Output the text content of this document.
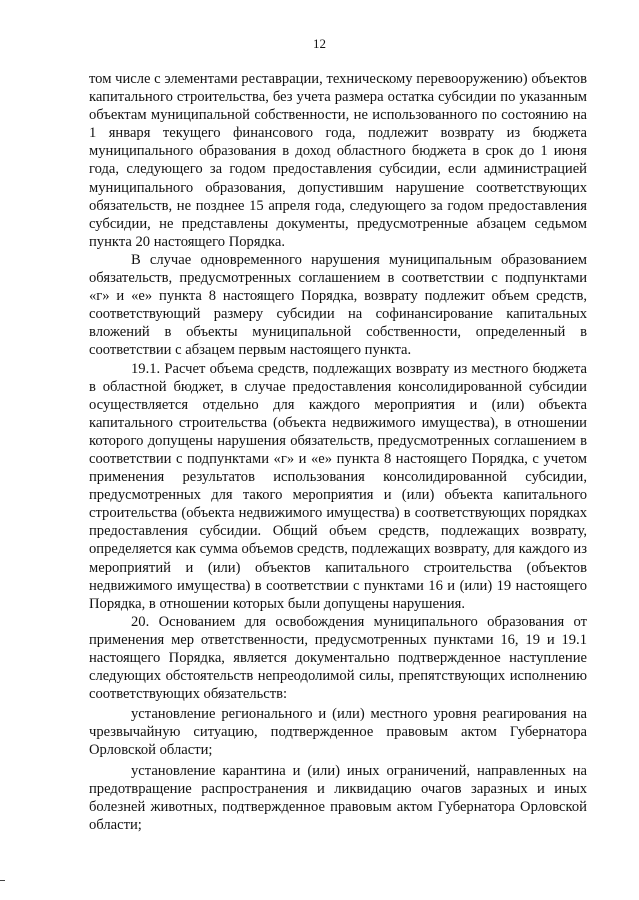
12

том числе с элементами реставрации, техническому перевооружению) объектов капитального строительства, без учета размера остатка субсидии по указанным объектам муниципальной собственности, не использованного по состоянию на 1 января текущего финансового года, подлежит возврату из бюджета муниципального образования в доход областного бюджета в срок до 1 июня года, следующего за годом предоставления субсидии, если администрацией муниципального образования, допустившим нарушение соответствующих обязательств, не позднее 15 апреля года, следующего за годом предоставления субсидии, не представлены документы, предусмотренные абзацем седьмом пункта 20 настоящего Порядка.

В случае одновременного нарушения муниципальным образованием обязательств, предусмотренных соглашением в соответствии с подпунктами «г» и «е» пункта 8 настоящего Порядка, возврату подлежит объем средств, соответствующий размеру субсидии на софинансирование капитальных вложений в объекты муниципальной собственности, определенный в соответствии с абзацем первым настоящего пункта.

19.1. Расчет объема средств, подлежащих возврату из местного бюджета в областной бюджет, в случае предоставления консолидированной субсидии осуществляется отдельно для каждого мероприятия и (или) объекта капитального строительства (объекта недвижимого имущества), в отношении которого допущены нарушения обязательств, предусмотренных соглашением в соответствии с подпунктами «г» и «е» пункта 8 настоящего Порядка, с учетом применения результатов использования консолидированной субсидии, предусмотренных для такого мероприятия и (или) объекта капитального строительства (объекта недвижимого имущества) в соответствующих порядках предоставления субсидии. Общий объем средств, подлежащих возврату, определяется как сумма объемов средств, подлежащих возврату, для каждого из мероприятий и (или) объектов капитального строительства (объектов недвижимого имущества) в соответствии с пунктами 16 и (или) 19 настоящего Порядка, в отношении которых были допущены нарушения.

20. Основанием для освобождения муниципального образования от применения мер ответственности, предусмотренных пунктами 16, 19 и 19.1 настоящего Порядка, является документально подтвержденное наступление следующих обстоятельств непреодолимой силы, препятствующих исполнению соответствующих обязательств:

установление регионального и (или) местного уровня реагирования на чрезвычайную ситуацию, подтвержденное правовым актом Губернатора Орловской области;

установление карантина и (или) иных ограничений, направленных на предотвращение распространения и ликвидацию очагов заразных и иных болезней животных, подтвержденное правовым актом Губернатора Орловской области;
